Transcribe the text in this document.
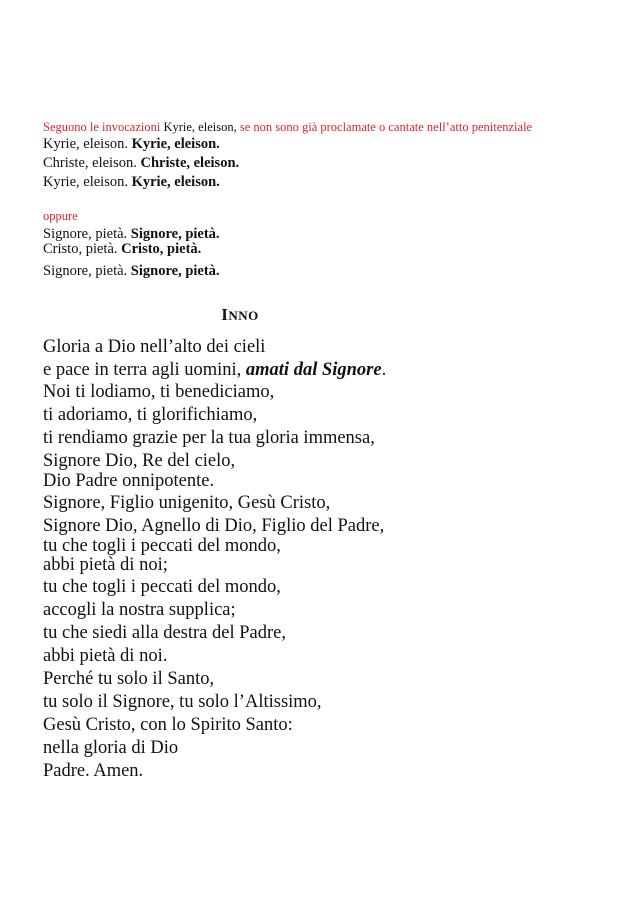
Seguono le invocazioni Kyrie, eleison, se non sono già proclamate o cantate nell’atto penitenziale
Kyrie, eleison. Kyrie, eleison.
Christe, eleison. Christe, eleison.
Kyrie, eleison. Kyrie, eleison.
oppure
Signore, pietà. Signore, pietà.
Cristo, pietà. Cristo, pietà.
Signore, pietà. Signore, pietà.
INNO
Gloria a Dio nell’alto dei cieli
e pace in terra agli uomini, amati dal Signore.
Noi ti lodiamo, ti benediciamo,
ti adoriamo, ti glorifichiamo,
ti rendiamo grazie per la tua gloria immensa,
Signore Dio, Re del cielo,
Dio Padre onnipotente.
Signore, Figlio unigenito, Gesù Cristo,
Signore Dio, Agnello di Dio, Figlio del Padre,
tu che togli i peccati del mondo,
abbi pietà di noi;
tu che togli i peccati del mondo,
accogli la nostra supplica;
tu che siedi alla destra del Padre,
abbi pietà di noi.
Perché tu solo il Santo,
tu solo il Signore, tu solo l’Altissimo,
Gesù Cristo, con lo Spirito Santo:
nella gloria di Dio
Padre. Amen.
